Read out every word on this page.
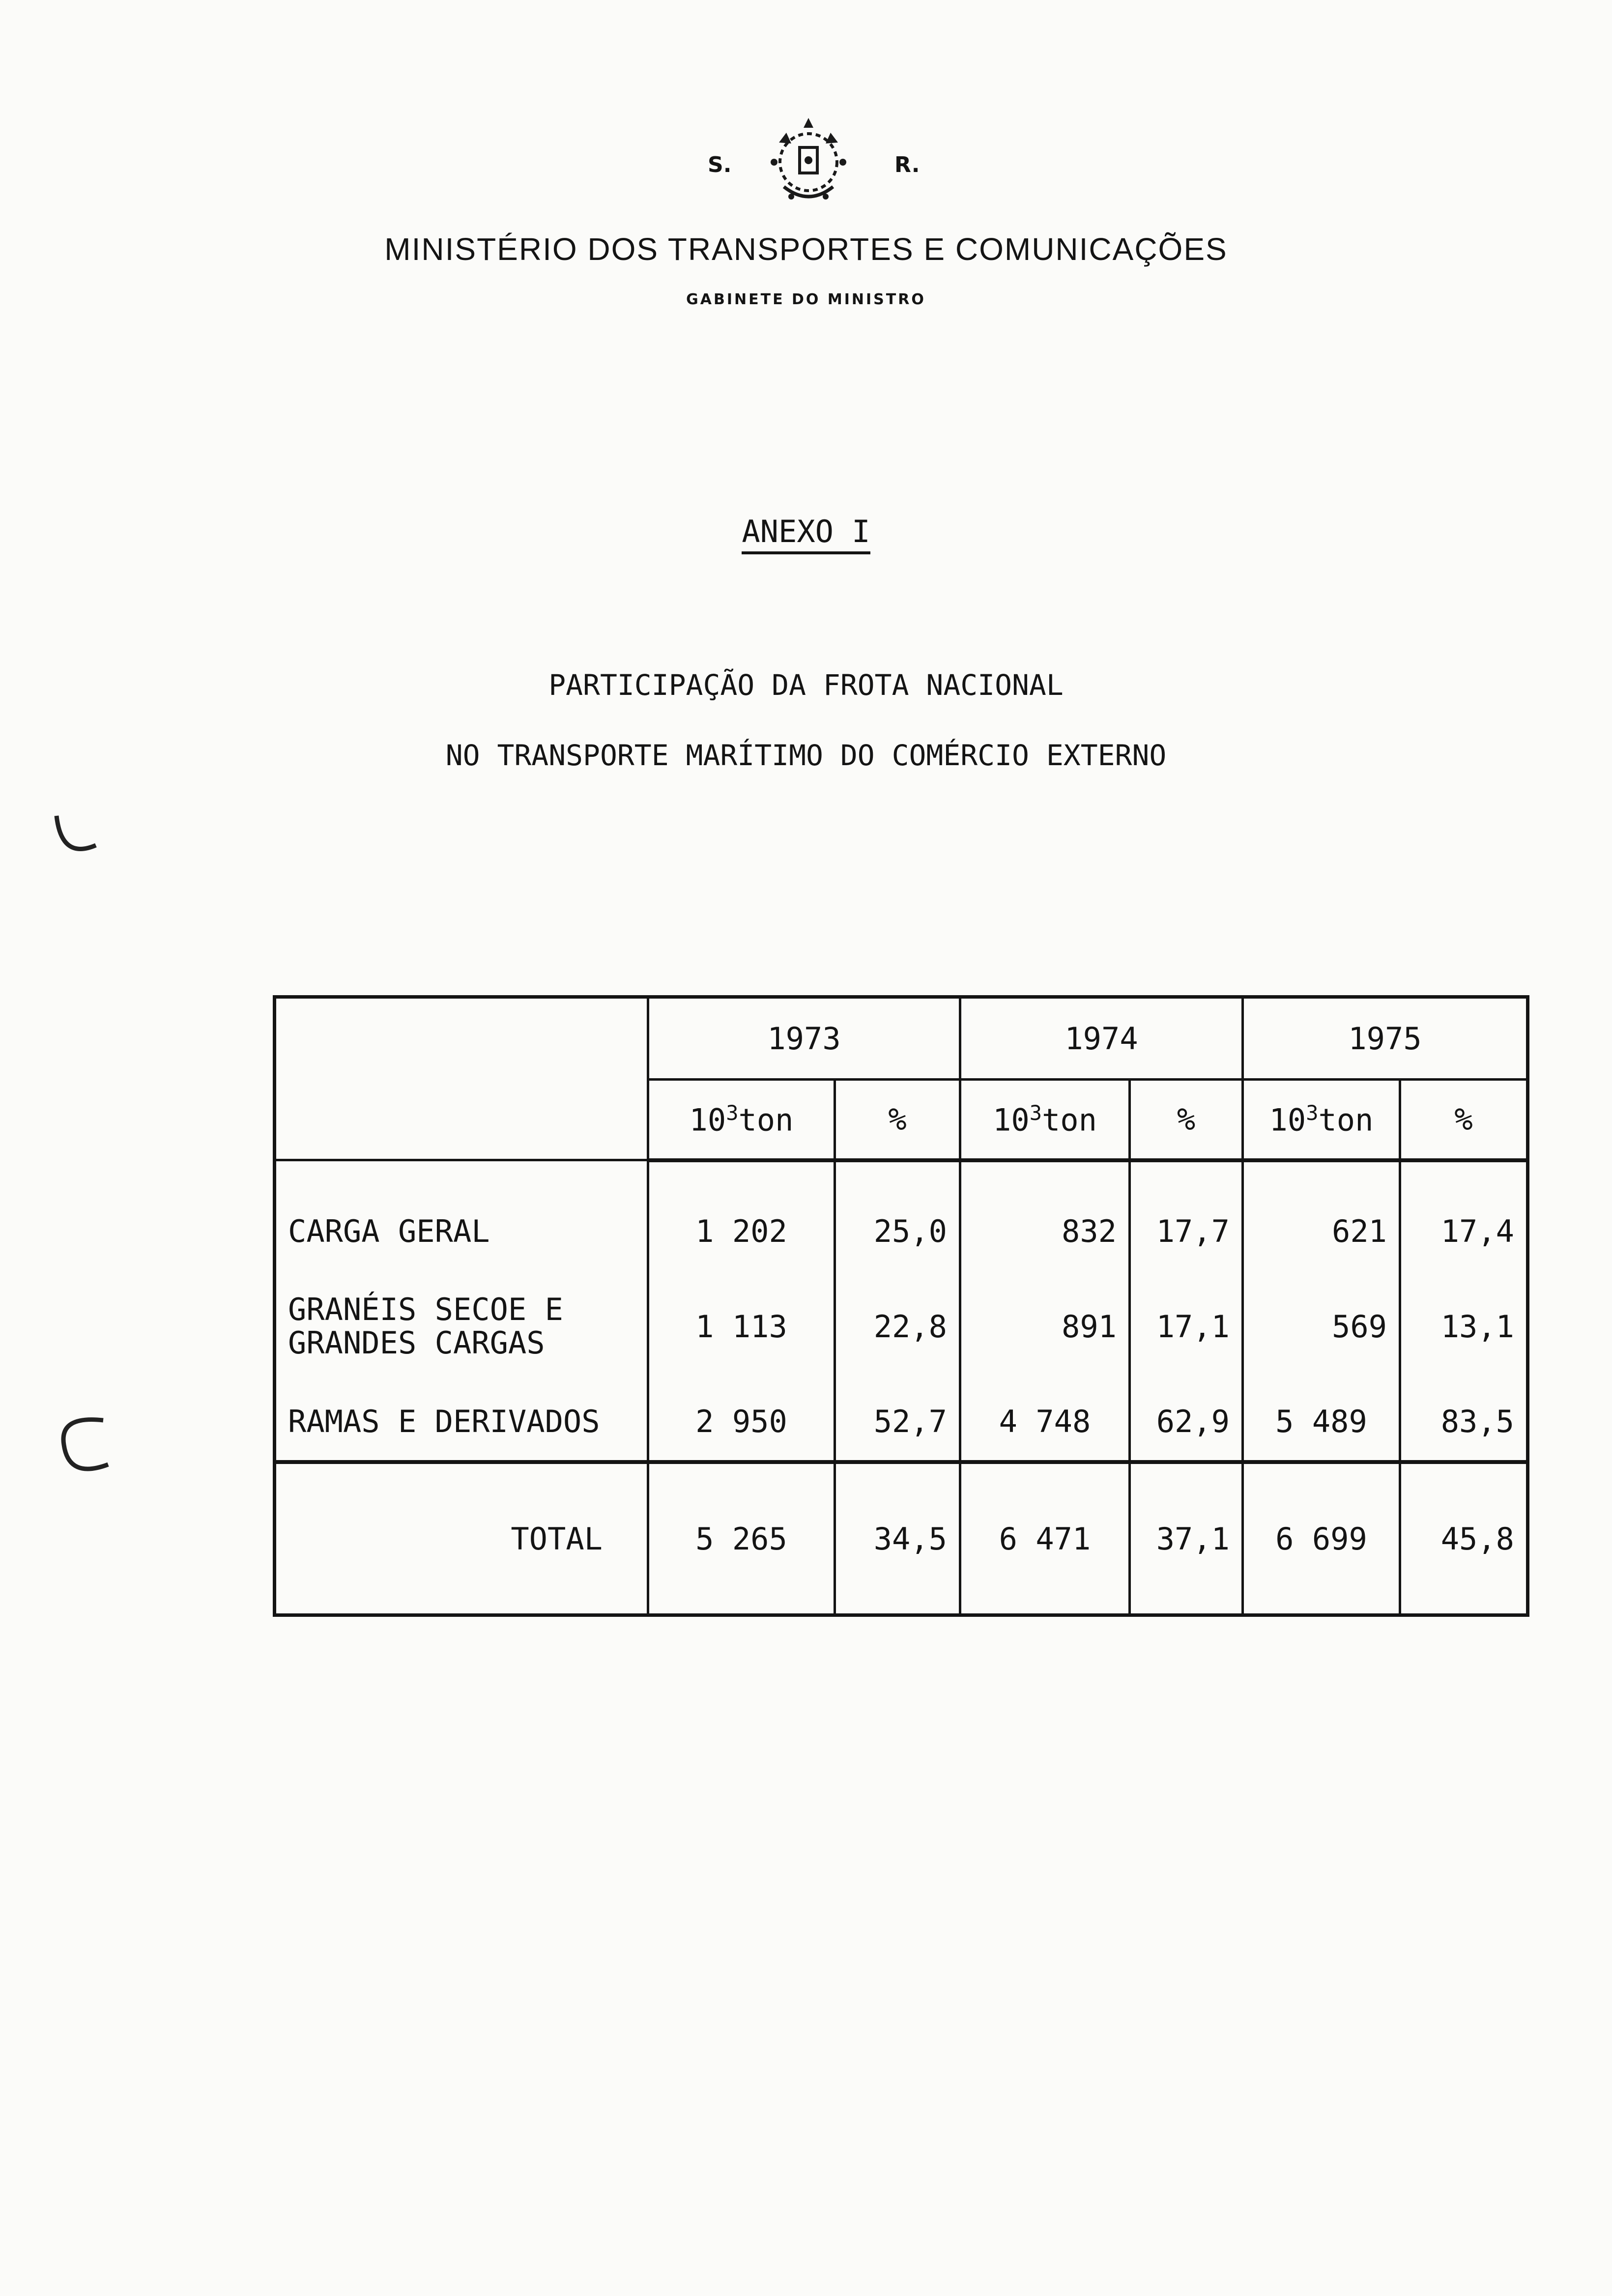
S.	R.
MINISTÉRIO DOS TRANSPORTES E COMUNICAÇÕES
GABINETE DO MINISTRO
ANEXO I
PARTICIPAÇÃO DA FROTA NACIONAL
NO TRANSPORTE MARÍTIMO DO COMÉRCIO EXTERNO
	1973		1974		1975	
	$10^3ton$	%	$10^3ton$	%	$10^3ton$	%

CARGA GERAL	1 202	25,0	832	17,7	621	17,4
GRANÉIS SECOE E
GRANDES CARGAS	1 113	22,8	891	17,1	569	13,1
RAMAS E DERIVADOS	2 950	52,7	4 748	62,9	5 489	83,5
TOTAL	5 265	34,5	6 471	37,1	6 699	45,8
